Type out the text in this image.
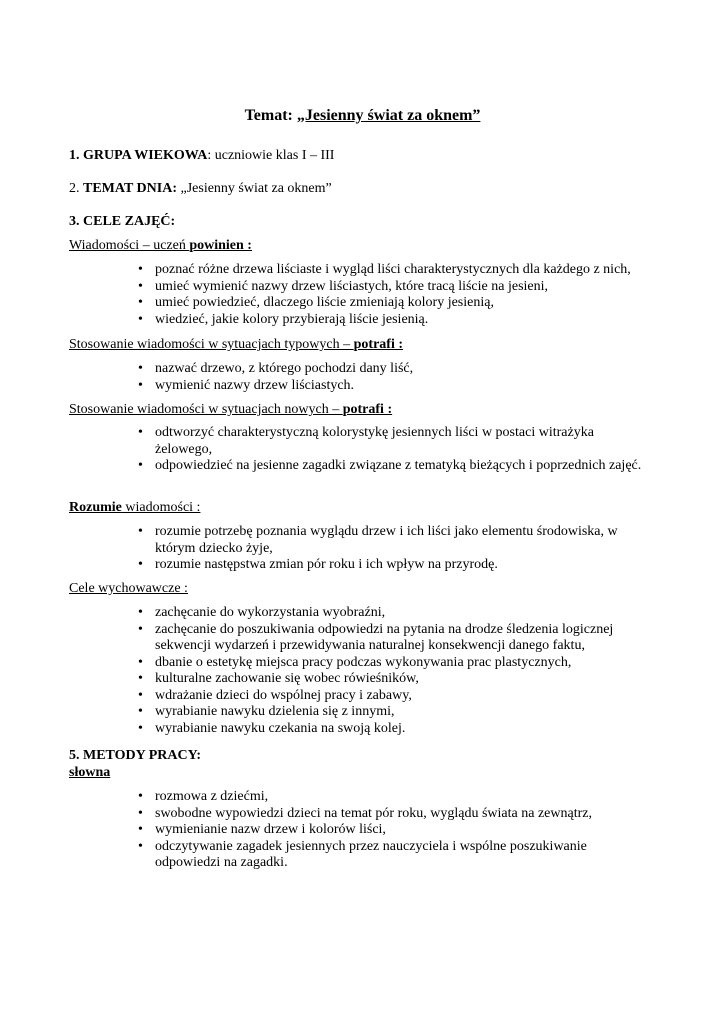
Temat: „Jesienny świat za oknem”
1. GRUPA WIEKOWA: uczniowie klas I – III
2. TEMAT DNIA: „Jesienny świat za oknem”
3. CELE ZAJĘĆ:
Wiadomości – uczeń powinien :
• poznać różne drzewa liściaste i wygląd liści charakterystycznych dla każdego z nich,
• umieć wymienić nazwy drzew liściastych, które tracą liście na jesieni,
• umieć powiedzieć, dlaczego liście zmieniają kolory jesienią,
• wiedzieć, jakie kolory przybierają liście jesienią.
Stosowanie wiadomości w sytuacjach typowych – potrafi :
• nazwać drzewo, z którego pochodzi dany liść,
• wymienić nazwy drzew liściastych.
Stosowanie wiadomości w sytuacjach nowych – potrafi :
• odtworzyć charakterystyczną kolorystykę jesiennych liści w postaci witrażyka żelowego,
• odpowiedzieć na jesienne zagadki związane z tematyką bieżących i poprzednich zajęć.
Rozumie wiadomości :
• rozumie potrzebę poznania wyglądu drzew i ich liści jako elementu środowiska, w którym dziecko żyje,
• rozumie następstwa zmian pór roku i ich wpływ na przyrodę.
Cele wychowawcze :
• zachęcanie do wykorzystania wyobraźni,
• zachęcanie do poszukiwania odpowiedzi na pytania na drodze śledzenia logicznej sekwencji wydarzeń i przewidywania naturalnej konsekwencji danego faktu,
• dbanie o estetykę miejsca pracy podczas wykonywania prac plastycznych,
• kulturalne zachowanie się wobec rówieśników,
• wdrażanie dzieci do wspólnej pracy i zabawy,
• wyrabianie nawyku dzielenia się z innymi,
• wyrabianie nawyku czekania na swoją kolej.
5. METODY PRACY:
słowna
• rozmowa z dziećmi,
• swobodne wypowiedzi dzieci na temat pór roku, wyglądu świata na zewnątrz,
• wymienianie nazw drzew i kolorów liści,
• odczytywanie zagadek jesiennych przez nauczyciela i wspólne poszukiwanie odpowiedzi na zagadki.
